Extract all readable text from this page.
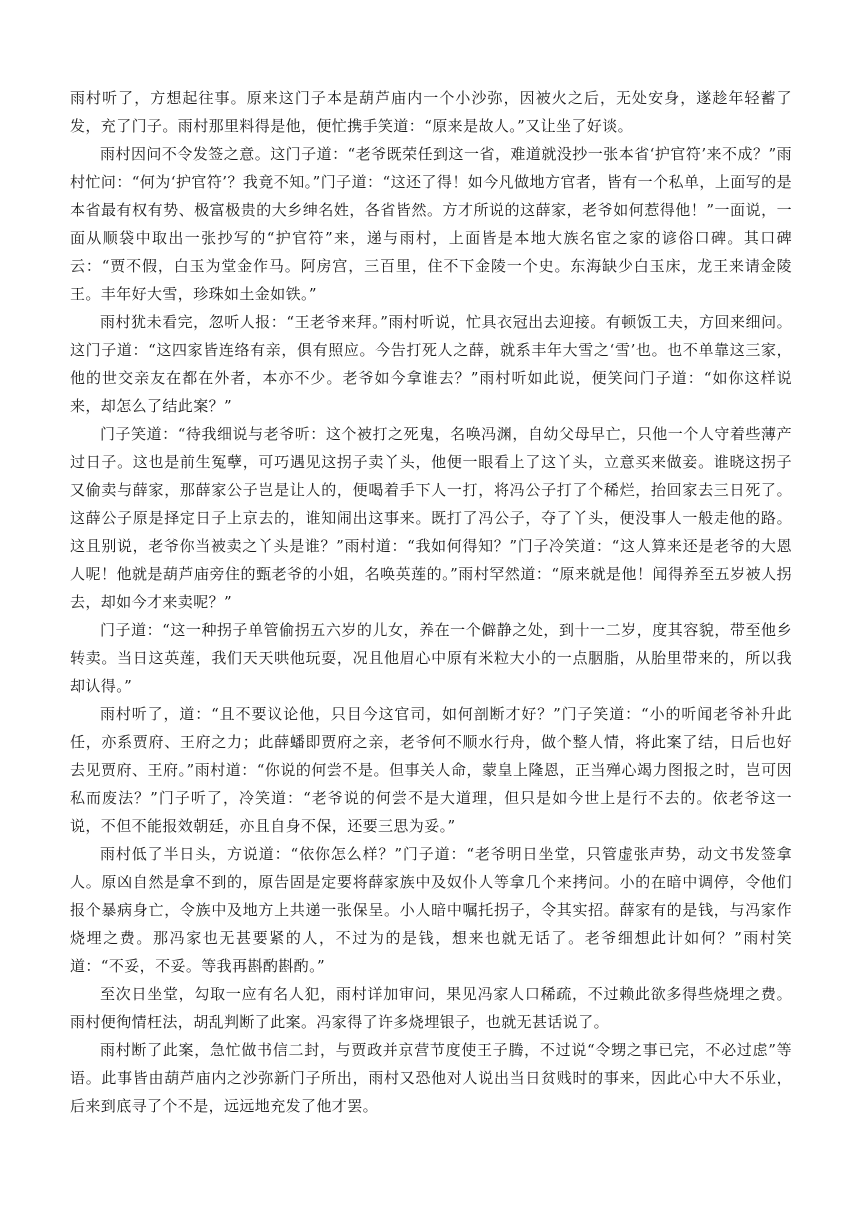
雨村听了，方想起往事。原来这门子本是葫芦庙内一个小沙弥，因被火之后，无处安身，遂趁年轻蓄了发，充了门子。雨村那里料得是他，便忙携手笑道：“原来是故人。”又让坐了好谈。

雨村因问不令发签之意。这门子道：“老爷既荣任到这一省，难道就没抄一张本省‘护官符’来不成？”雨村忙问：“何为‘护官符’？我竟不知。”门子道：“这还了得！如今凡做地方官者，皆有一个私单，上面写的是本省最有权有势、极富极贵的大乡绅名姓，各省皆然。方才所说的这薛家，老爷如何惹得他！”一面说，一面从顺袋中取出一张抄写的“护官符”来，递与雨村，上面皆是本地大族名宦之家的谚俗口碑。其口碑云：“贾不假，白玉为堂金作马。阿房宫，三百里，住不下金陵一个史。东海缺少白玉床，龙王来请金陵王。丰年好大雪，珍珠如土金如铁。”

雨村犹未看完，忽听人报：“王老爷来拜。”雨村听说，忙具衣冠出去迎接。有顿饭工夫，方回来细问。这门子道：“这四家皆连络有亲，俱有照应。今告打死人之薛，就系丰年大雪之‘雪’也。也不单靠这三家，他的世交亲友在都在外者，本亦不少。老爷如今拿谁去？”雨村听如此说，便笑问门子道：“如你这样说来，却怎么了结此案？”

门子笑道：“待我细说与老爷听：这个被打之死鬼，名唤冯渊，自幼父母早亡，只他一个人守着些薄产过日子。这也是前生冤孽，可巧遇见这拐子卖丫头，他便一眼看上了这丫头，立意买来做妾。谁晓这拐子又偷卖与薛家，那薛家公子岂是让人的，便喝着手下人一打，将冯公子打了个稀烂，抬回家去三日死了。这薛公子原是择定日子上京去的，谁知闹出这事来。既打了冯公子，夺了丫头，便没事人一般走他的路。这且别说，老爷你当被卖之丫头是谁？”雨村道：“我如何得知？”门子冷笑道：“这人算来还是老爷的大恩人呢！他就是葫芦庙旁住的甄老爷的小姐，名唤英莲的。”雨村罕然道：“原来就是他！闻得养至五岁被人拐去，却如今才来卖呢？”

门子道：“这一种拐子单管偷拐五六岁的儿女，养在一个僻静之处，到十一二岁，度其容貌，带至他乡转卖。当日这英莲，我们天天哄他玩耍，况且他眉心中原有米粒大小的一点胭脂，从胎里带来的，所以我却认得。”

雨村听了，道：“且不要议论他，只目今这官司，如何剖断才好？”门子笑道：“小的听闻老爷补升此任，亦系贾府、王府之力；此薛蟠即贾府之亲，老爷何不顺水行舟，做个整人情，将此案了结，日后也好去见贾府、王府。”雨村道：“你说的何尝不是。但事关人命，蒙皇上隆恩，正当殚心竭力图报之时，岂可因私而废法？”门子听了，冷笑道：“老爷说的何尝不是大道理，但只是如今世上是行不去的。依老爷这一说，不但不能报效朝廷，亦且自身不保，还要三思为妥。”

雨村低了半日头，方说道：“依你怎么样？”门子道：“老爷明日坐堂，只管虚张声势，动文书发签拿人。原凶自然是拿不到的，原告固是定要将薛家族中及奴仆人等拿几个来拷问。小的在暗中调停，令他们报个暴病身亡，令族中及地方上共递一张保呈。小人暗中嘱托拐子，令其实招。薛家有的是钱，与冯家作烧埋之费。那冯家也无甚要紧的人，不过为的是钱，想来也就无话了。老爷细想此计如何？”雨村笑道：“不妥，不妥。等我再斟酌斟酌。”

至次日坐堂，勾取一应有名人犯，雨村详加审问，果见冯家人口稀疏，不过赖此欲多得些烧埋之费。雨村便徇情枉法，胡乱判断了此案。冯家得了许多烧埋银子，也就无甚话说了。

雨村断了此案，急忙做书信二封，与贾政并京营节度使王子腾，不过说“令甥之事已完，不必过虑”等语。此事皆由葫芦庙内之沙弥新门子所出，雨村又恐他对人说出当日贫贱时的事来，因此心中大不乐业，后来到底寻了个不是，远远地充发了他才罢。
